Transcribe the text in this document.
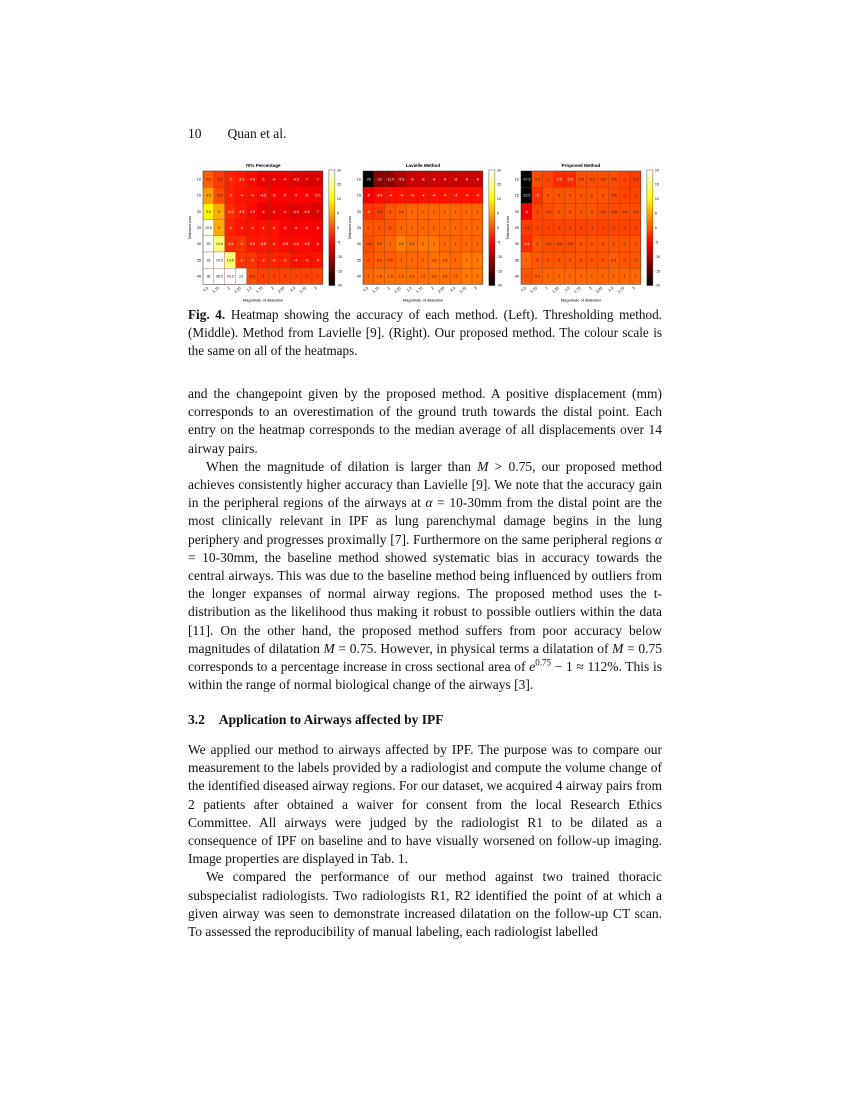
10 Quan et al.
70% Percentage
0.5 -1.5 -3 -3.5 -4.5 -6 -6 -6 -6.5 -7 -7
4.5 -0.5 -3 -4 -4 -4.5 -5 -5 -5 -5 -5.5
9.5 5 -2.5 -3.5 -4.5 -6 -6 -6 -6.5 -6.5 -7
19.5 5 -3 -4 -4 -4 -4 -5 -5 -5 -5
29 14.5 -2.5 -2 -3.5 -3.5 -4 -4.5 -4.5 -4.5 -5
33 24.5 14.5 -2 -2 -3 -3 -3 -4 -4 -4
38 36.5 24.5 23 -0.5 -1 -1 -1 -1 -1 -1
10
15
20
25
30
35
40
0.5 0.75 1 1.25 1.5 1.75 2 2.25 2.5 2.75 3
Magnitude of dilatation
Distance mm
20
15
10
5
0
-5
-10
-15
-20
Lavielle Method
-20 -12 -11.5 -9.5 -8 -8 -8 -8 -8 -8 -8
-6 -4.5 -4 -4 -4 -4 -4 -4 -4 -4 -4
-2 -1.5 0 0.5 1 1 1 1 1 1 1
0 0 0 1 1 1 1 1 1 1 1
-0.5 0.5 1 2.5 1.5 2 2 1 1 1 1
0 0.5 0.5 1 1 1 1.5 1.5 1 2 2
1 1.5 1.5 1.5 1.5 1.5 1.5 1.5 1.5 2 2
10
15
20
25
30
35
40
0.5 0.75 1 1.25 1.5 1.75 2 2.25 2.5 2.75 3
Magnitude of dilatation
Distance mm
20
15
10
5
0
-5
-10
-15
-20
Proposed Method
-27.5 -0.5 -1 -2.5 -2.5 -0.5 -0.5 -0.5 -0.5 -1 -1.5
-23.5 -2 0 0 0 0 0 0 -0.5 -1 -1
-6 -1 -0.5 0 0 0 0 -0.5 -0.5 -0.5 -0.5
-1.5 -1 -1 -1 -1 -1 -1 -1 -1 -1 -1
-2.5 0 -0.5 -0.5 -0.5 0 0 0 0 0 0
1 0 0 0 0 0 0 0 0.5 0 0
0 0.5 1 1 1 1 1 1 1 1 1
10
15
20
25
30
35
40
0.5 0.75 1 1.25 1.5 1.75 2 2.25 2.5 2.75 3
Magnitude of dilatation
Distance mm
20
15
10
5
0
-5
-10
-15
-20
Fig. 4. Heatmap showing the accuracy of each method. (Left). Thresholding method. (Middle). Method from Lavielle [9]. (Right). Our proposed method. The colour scale is the same on all of the heatmaps.

and the changepoint given by the proposed method. A positive displacement (mm) corresponds to an overestimation of the ground truth towards the distal point. Each entry on the heatmap corresponds to the median average of all displacements over 14 airway pairs.

When the magnitude of dilation is larger than M > 0.75, our proposed method achieves consistently higher accuracy than Lavielle [9]. We note that the accuracy gain in the peripheral regions of the airways at α = 10-30mm from the distal point are the most clinically relevant in IPF as lung parenchymal damage begins in the lung periphery and progresses proximally [7]. Furthermore on the same peripheral regions α = 10-30mm, the baseline method showed systematic bias in accuracy towards the central airways. This was due to the baseline method being influenced by outliers from the longer expanses of normal airway regions. The proposed method uses the t-distribution as the likelihood thus making it robust to possible outliers within the data [11]. On the other hand, the proposed method suffers from poor accuracy below magnitudes of dilatation M = 0.75. However, in physical terms a dilatation of M = 0.75 corresponds to a percentage increase in cross sectional area of $e^{0.75} - 1 \approx 112\%$. This is within the range of normal biological change of the airways [3].

3.2 Application to Airways affected by IPF

We applied our method to airways affected by IPF. The purpose was to compare our measurement to the labels provided by a radiologist and compute the volume change of the identified diseased airway regions. For our dataset, we acquired 4 airway pairs from 2 patients after obtained a waiver for consent from the local Research Ethics Committee. All airways were judged by the radiologist R1 to be dilated as a consequence of IPF on baseline and to have visually worsened on follow-up imaging. Image properties are displayed in Tab. 1.

We compared the performance of our method against two trained thoracic subspecialist radiologists. Two radiologists R1, R2 identified the point of at which a given airway was seen to demonstrate increased dilatation on the follow-up CT scan. To assessed the reproducibility of manual labeling, each radiologist labelled
